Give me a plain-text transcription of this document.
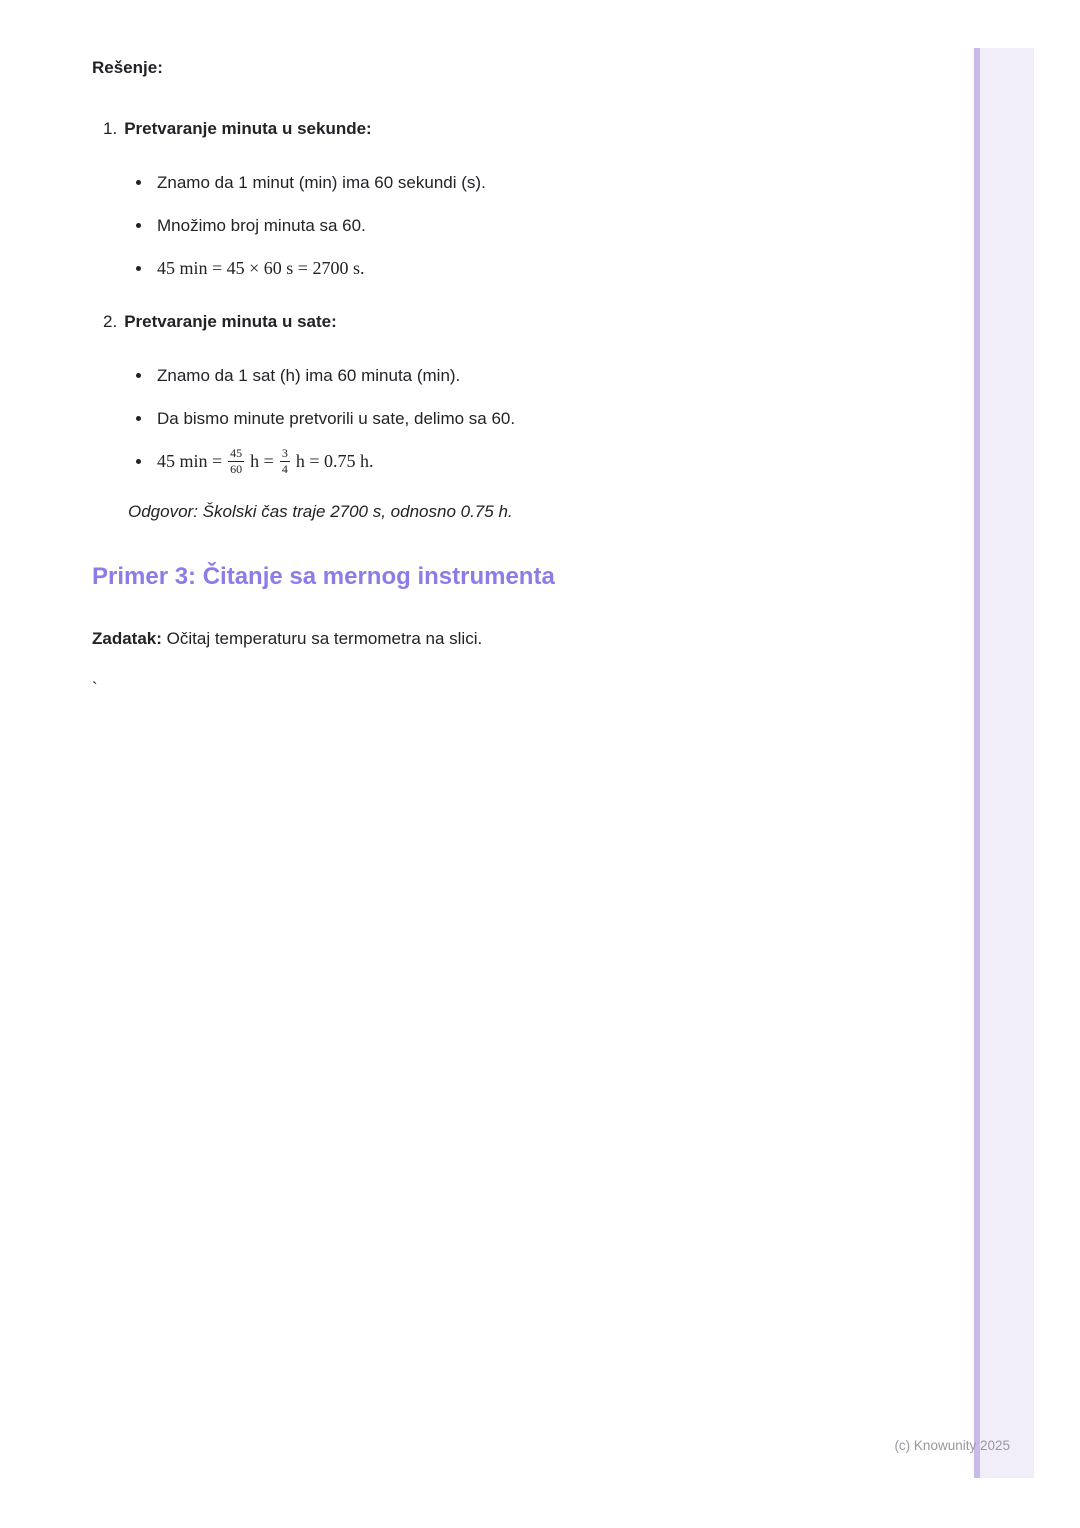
Rešenje:

1. Pretvaranje minuta u sekunde:
Znamo da 1 minut (min) ima 60 sekundi (s).
Množimo broj minuta sa 60.
45 min = 45 × 60 s = 2700 s.
2. Pretvaranje minuta u sate:
Znamo da 1 sat (h) ima 60 minuta (min).
Da bismo minute pretvorili u sate, delimo sa 60.
45 $\min = \frac{45}{60}$ $h = \frac{3}{4}$ h = 0.75 h.

Odgovor: Školski čas traje 2700 s, odnosno 0.75 h.

Primer 3: Čitanje sa mernog instrumenta

Zadatak: Očitaj temperaturu sa termometra na slici.

`

(c) Knowunity 2025
